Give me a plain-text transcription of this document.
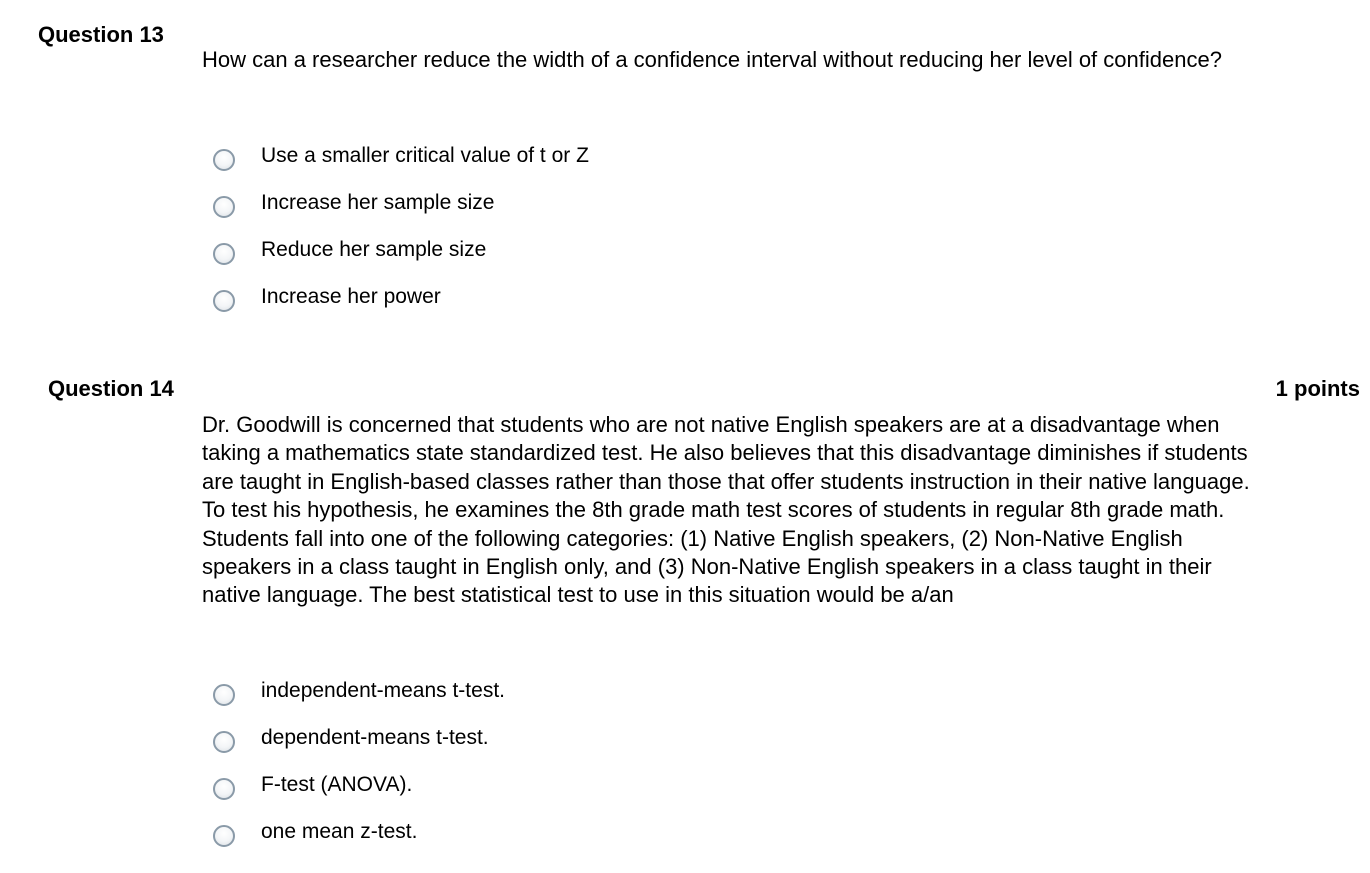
Question 13
How can a researcher reduce the width of a confidence interval without reducing her level of confidence?
Use a smaller critical value of t or Z
Increase her sample size
Reduce her sample size
Increase her power
Question 14	1 points
Dr. Goodwill is concerned that students who are not native English speakers are at a disadvantage when taking a mathematics state standardized test. He also believes that this disadvantage diminishes if students are taught in English-based classes rather than those that offer students instruction in their native language. To test his hypothesis, he examines the 8th grade math test scores of students in regular 8th grade math. Students fall into one of the following categories: (1) Native English speakers, (2) Non-Native English speakers in a class taught in English only, and (3) Non-Native English speakers in a class taught in their native language. The best statistical test to use in this situation would be a/an
independent-means t-test.
dependent-means t-test.
F-test (ANOVA).
one mean z-test.
